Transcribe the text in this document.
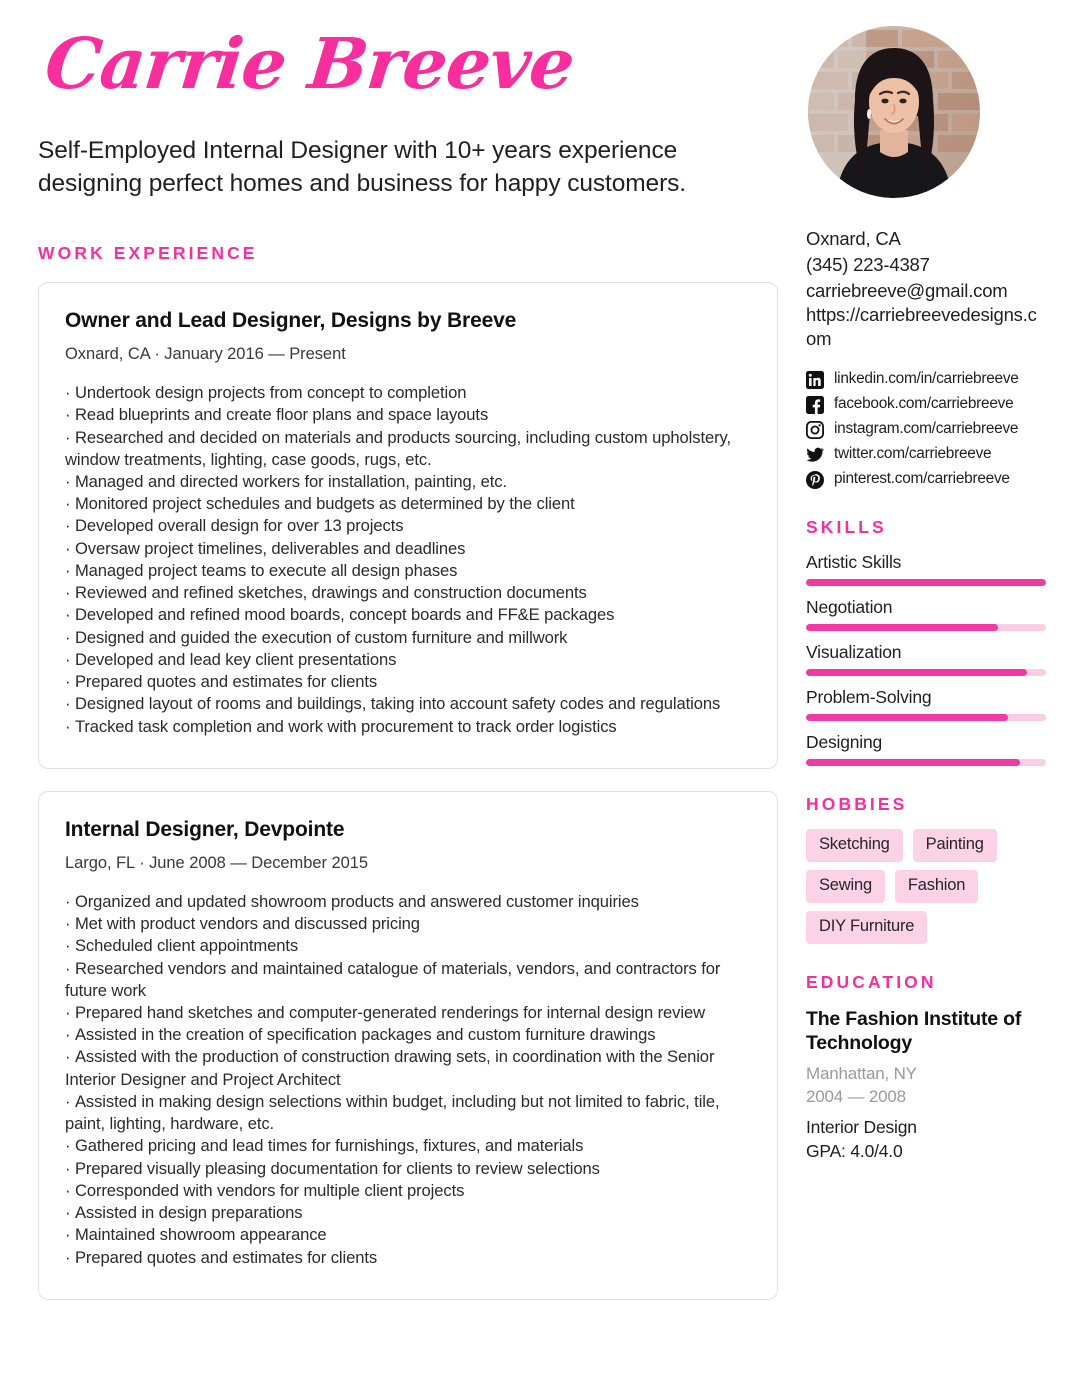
Carrie Breeve
Self-Employed Internal Designer with 10+ years experience designing perfect homes and business for happy customers.
WORK EXPERIENCE
Owner and Lead Designer, Designs by Breeve
Oxnard, CA · January 2016 — Present
· Undertook design projects from concept to completion
· Read blueprints and create floor plans and space layouts
· Researched and decided on materials and products sourcing, including custom upholstery, window treatments, lighting, case goods, rugs, etc.
· Managed and directed workers for installation, painting, etc.
· Monitored project schedules and budgets as determined by the client
· Developed overall design for over 13 projects
· Oversaw project timelines, deliverables and deadlines
· Managed project teams to execute all design phases
· Reviewed and refined sketches, drawings and construction documents
· Developed and refined mood boards, concept boards and FF&E packages
· Designed and guided the execution of custom furniture and millwork
· Developed and lead key client presentations
· Prepared quotes and estimates for clients
· Designed layout of rooms and buildings, taking into account safety codes and regulations
· Tracked task completion and work with procurement to track order logistics
Internal Designer, Devpointe
Largo, FL · June 2008 — December 2015
· Organized and updated showroom products and answered customer inquiries
· Met with product vendors and discussed pricing
· Scheduled client appointments
· Researched vendors and maintained catalogue of materials, vendors, and contractors for future work
· Prepared hand sketches and computer-generated renderings for internal design review
· Assisted in the creation of specification packages and custom furniture drawings
· Assisted with the production of construction drawing sets, in coordination with the Senior Interior Designer and Project Architect
· Assisted in making design selections within budget, including but not limited to fabric, tile, paint, lighting, hardware, etc.
· Gathered pricing and lead times for furnishings, fixtures, and materials
· Prepared visually pleasing documentation for clients to review selections
· Corresponded with vendors for multiple client projects
· Assisted in design preparations
· Maintained showroom appearance
· Prepared quotes and estimates for clients
Oxnard, CA
(345) 223-4387
carriebreeve@gmail.com
https://carriebreevedesigns.com
linkedin.com/in/carriebreeve
facebook.com/carriebreeve
instagram.com/carriebreeve
twitter.com/carriebreeve
pinterest.com/carriebreeve
SKILLS
Artistic Skills
Negotiation
Visualization
Problem-Solving
Designing
HOBBIES
Sketching	Painting
Sewing	Fashion
DIY Furniture
EDUCATION
The Fashion Institute of Technology
Manhattan, NY
2004 — 2008
Interior Design
GPA: 4.0/4.0
